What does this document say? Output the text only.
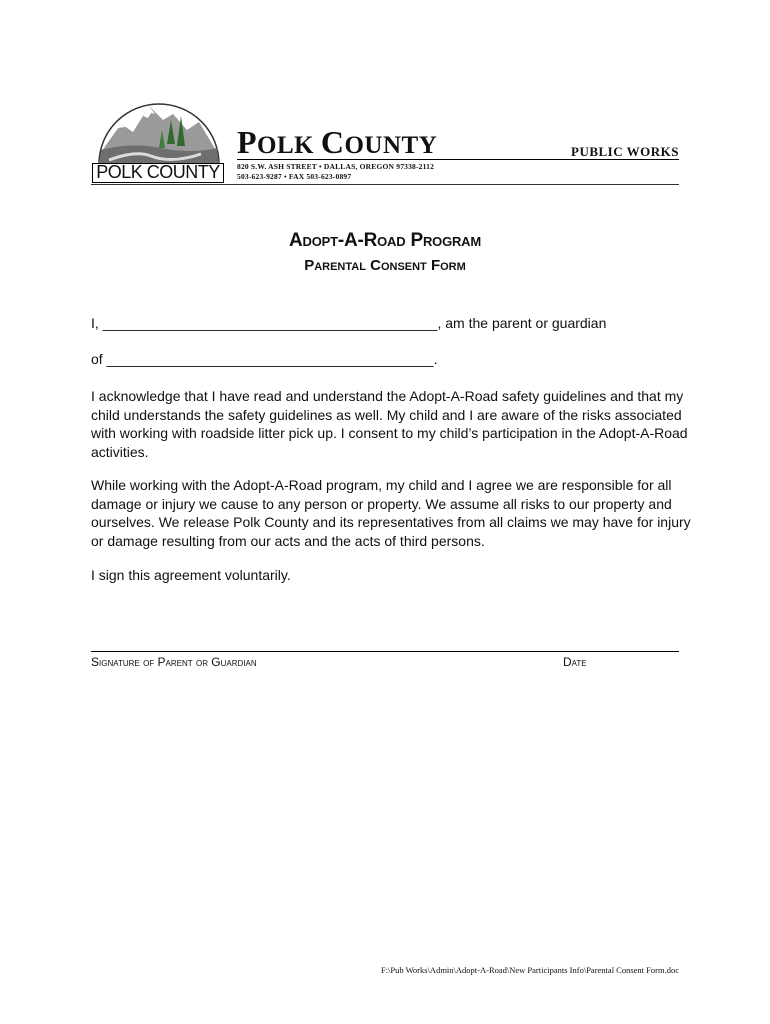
POLK COUNTY
POLK COUNTY	PUBLIC WORKS
820 S.W. ASH STREET • DALLAS, OREGON 97338-2112
503-623-9287 • FAX 503-623-0897
Adopt-A-Road Program
Parental Consent Form
I, ___________________________________________, am the parent or guardian
of __________________________________________.
I acknowledge that I have read and understand the Adopt-A-Road safety guidelines and that my child understands the safety guidelines as well. My child and I are aware of the risks associated with working with roadside litter pick up. I consent to my child’s participation in the Adopt-A-Road activities.
While working with the Adopt-A-Road program, my child and I agree we are responsible for all damage or injury we cause to any person or property. We assume all risks to our property and ourselves. We release Polk County and its representatives from all claims we may have for injury or damage resulting from our acts and the acts of third persons.
I sign this agreement voluntarily.
Signature of Parent or Guardian	Date
F:\Pub Works\Admin\Adopt-A-Road\New Participants Info\Parental Consent Form.doc
